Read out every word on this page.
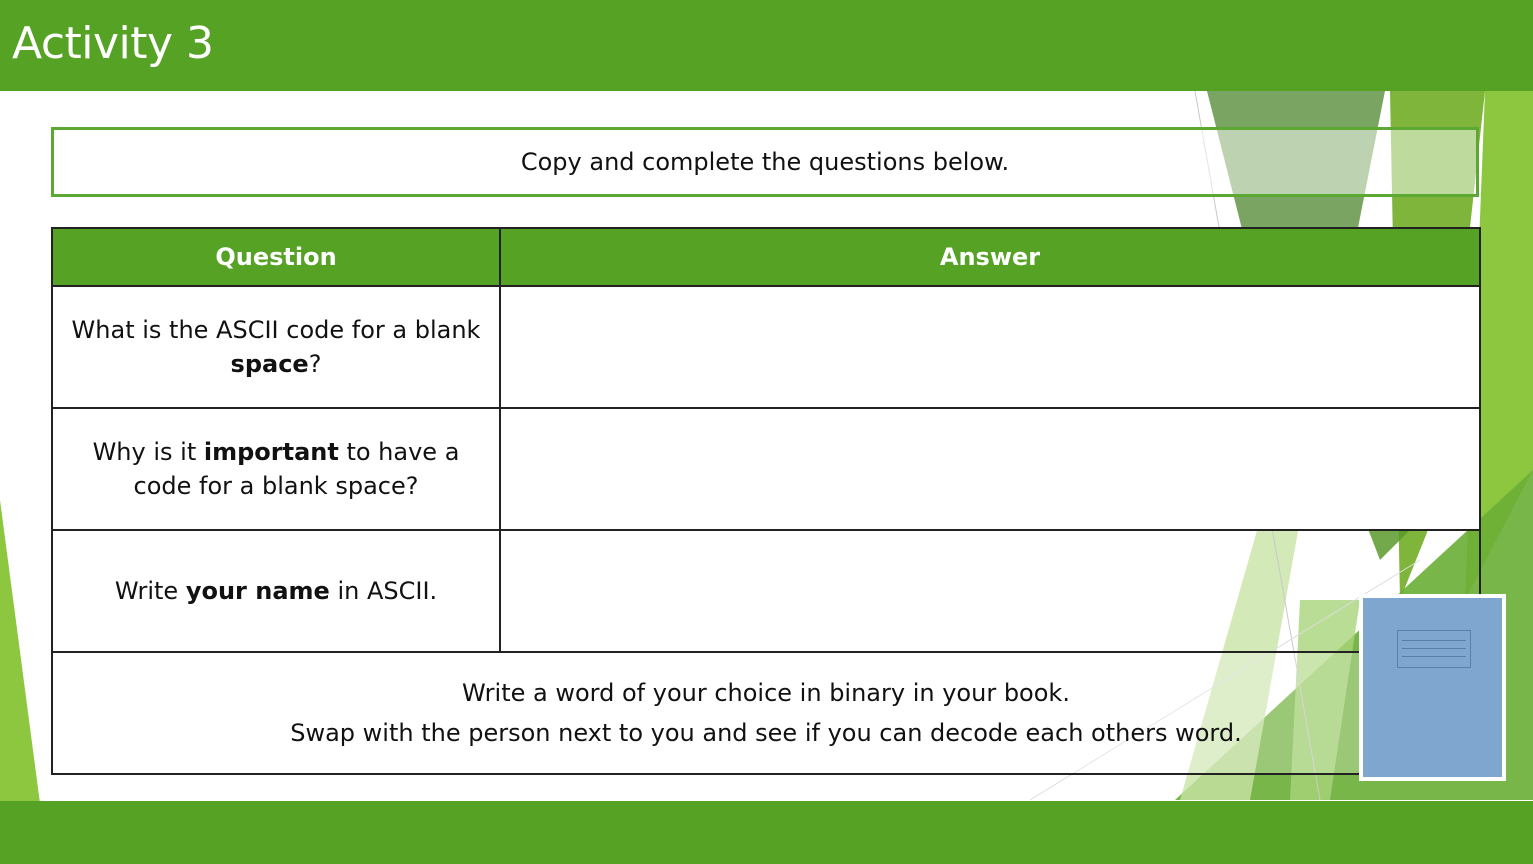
Activity 3
Copy and complete the questions below.
Question	Answer
What is the ASCII code for a blank space?	
Why is it important to have a code for a blank space?	
Write your name in ASCII.	

Write a word of your choice in binary in your book.
Swap with the person next to you and see if you can decode each others word.	
